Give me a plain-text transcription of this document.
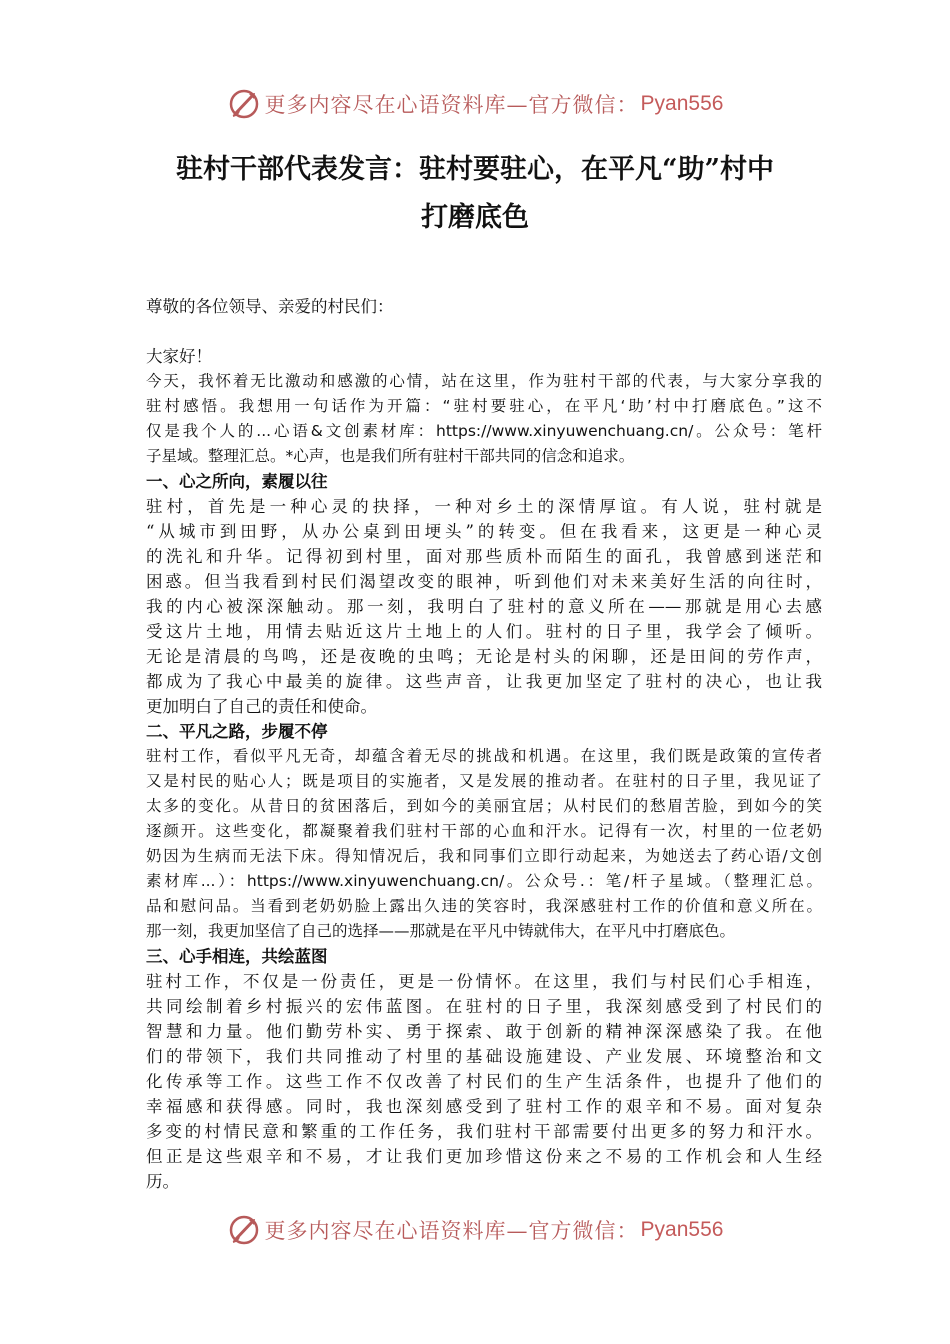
更多内容尽在心语资料库—官方微信： Pyan556
驻村干部代表发言：驻村要驻心，在平凡“助”村中
打磨底色
尊敬的各位领导、亲爱的村民们：
大家好！
今天，我怀着无比激动和感激的心情，站在这里，作为驻村干部的代表，与大家分享我的
驻村感悟。我想用一句话作为开篇：“驻村要驻心，在平凡‘助’村中打磨底色。”这不
仅是我个人的...心语&文创素材库：https://www.xinyuwenchuang.cn/。公众号：笔杆
子星域。整理汇总。*心声，也是我们所有驻村干部共同的信念和追求。
一、心之所向，素履以往
驻村，首先是一种心灵的抉择，一种对乡土的深情厚谊。有人说，驻村就是
“从城市到田野，从办公桌到田埂头”的转变。但在我看来，这更是一种心灵
的洗礼和升华。记得初到村里，面对那些质朴而陌生的面孔，我曾感到迷茫和
困惑。但当我看到村民们渴望改变的眼神，听到他们对未来美好生活的向往时，
我的内心被深深触动。那一刻，我明白了驻村的意义所在——那就是用心去感
受这片土地，用情去贴近这片土地上的人们。驻村的日子里，我学会了倾听。
无论是清晨的鸟鸣，还是夜晚的虫鸣；无论是村头的闲聊，还是田间的劳作声，
都成为了我心中最美的旋律。这些声音，让我更加坚定了驻村的决心，也让我
更加明白了自己的责任和使命。
二、平凡之路，步履不停
驻村工作，看似平凡无奇，却蕴含着无尽的挑战和机遇。在这里，我们既是政策的宣传者
又是村民的贴心人；既是项目的实施者，又是发展的推动者。在驻村的日子里，我见证了
太多的变化。从昔日的贫困落后，到如今的美丽宜居；从村民们的愁眉苦脸，到如今的笑
逐颜开。这些变化，都凝聚着我们驻村干部的心血和汗水。记得有一次，村里的一位老奶
奶因为生病而无法下床。得知情况后，我和同事们立即行动起来，为她送去了药心语/文创
素材库...）：https://www.xinyuwenchuang.cn/。公众号.：笔/杆子星域。（整理汇总。
品和慰问品。当看到老奶奶脸上露出久违的笑容时，我深感驻村工作的价值和意义所在。
那一刻，我更加坚信了自己的选择——那就是在平凡中铸就伟大，在平凡中打磨底色。
三、心手相连，共绘蓝图
驻村工作，不仅是一份责任，更是一份情怀。在这里，我们与村民们心手相连，
共同绘制着乡村振兴的宏伟蓝图。在驻村的日子里，我深刻感受到了村民们的
智慧和力量。他们勤劳朴实、勇于探索、敢于创新的精神深深感染了我。在他
们的带领下，我们共同推动了村里的基础设施建设、产业发展、环境整治和文
化传承等工作。这些工作不仅改善了村民们的生产生活条件，也提升了他们的
幸福感和获得感。同时，我也深刻感受到了驻村工作的艰辛和不易。面对复杂
多变的村情民意和繁重的工作任务，我们驻村干部需要付出更多的努力和汗水。
但正是这些艰辛和不易，才让我们更加珍惜这份来之不易的工作机会和人生经
历。
更多内容尽在心语资料库—官方微信： Pyan556
